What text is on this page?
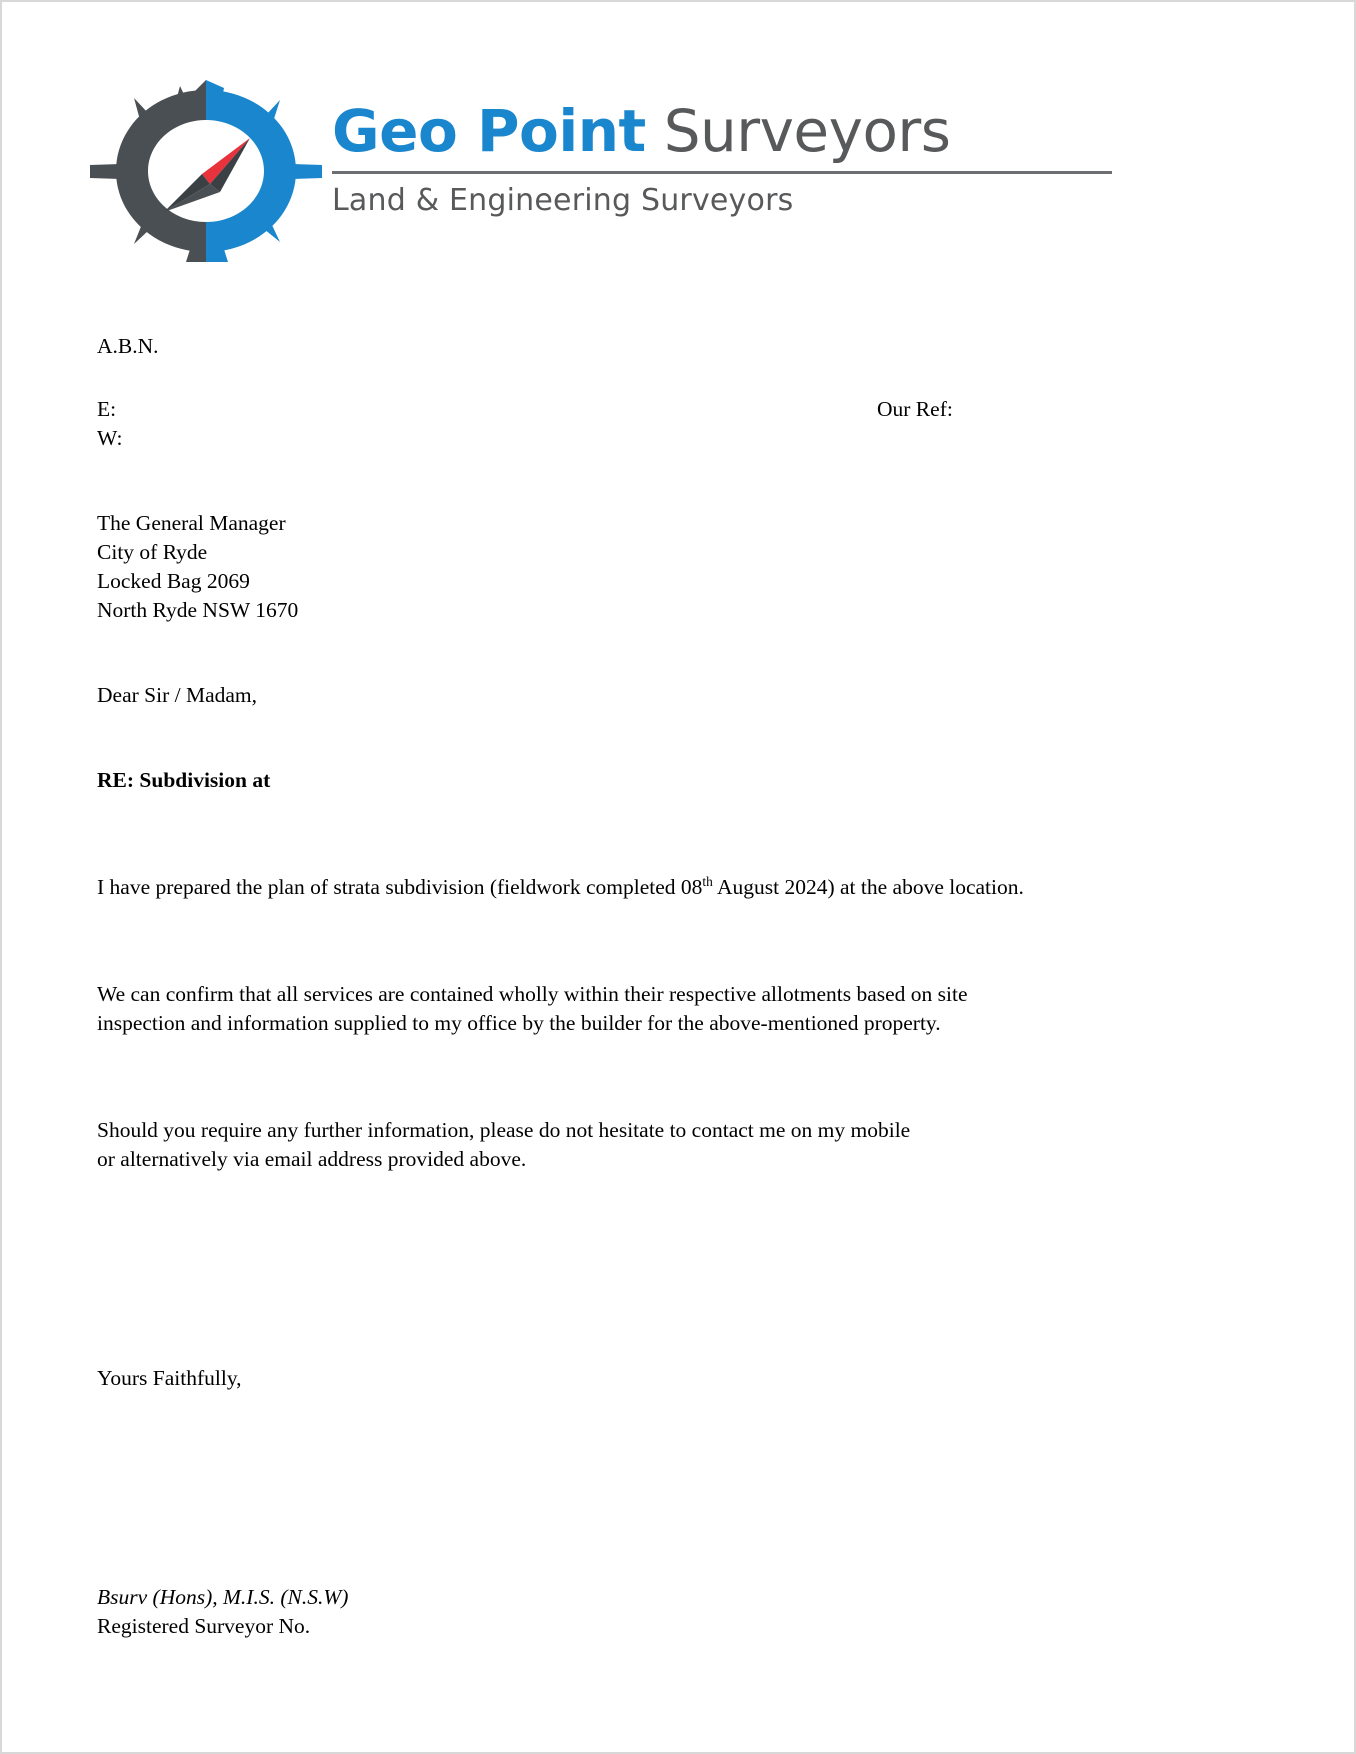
Geo Point Surveyors
Land & Engineering Surveyors
A.B.N.
E:	Our Ref:
W:
The General Manager
City of Ryde
Locked Bag 2069
North Ryde NSW 1670
Dear Sir / Madam,
RE: Subdivision at
I have prepared the plan of strata subdivision (fieldwork completed 08th August 2024) at the above location.
We can confirm that all services are contained wholly within their respective allotments based on site
inspection and information supplied to my office by the builder for the above-mentioned property.
Should you require any further information, please do not hesitate to contact me on my mobile
or alternatively via email address provided above.
Yours Faithfully,
Bsurv (Hons), M.I.S. (N.S.W)
Registered Surveyor No.
